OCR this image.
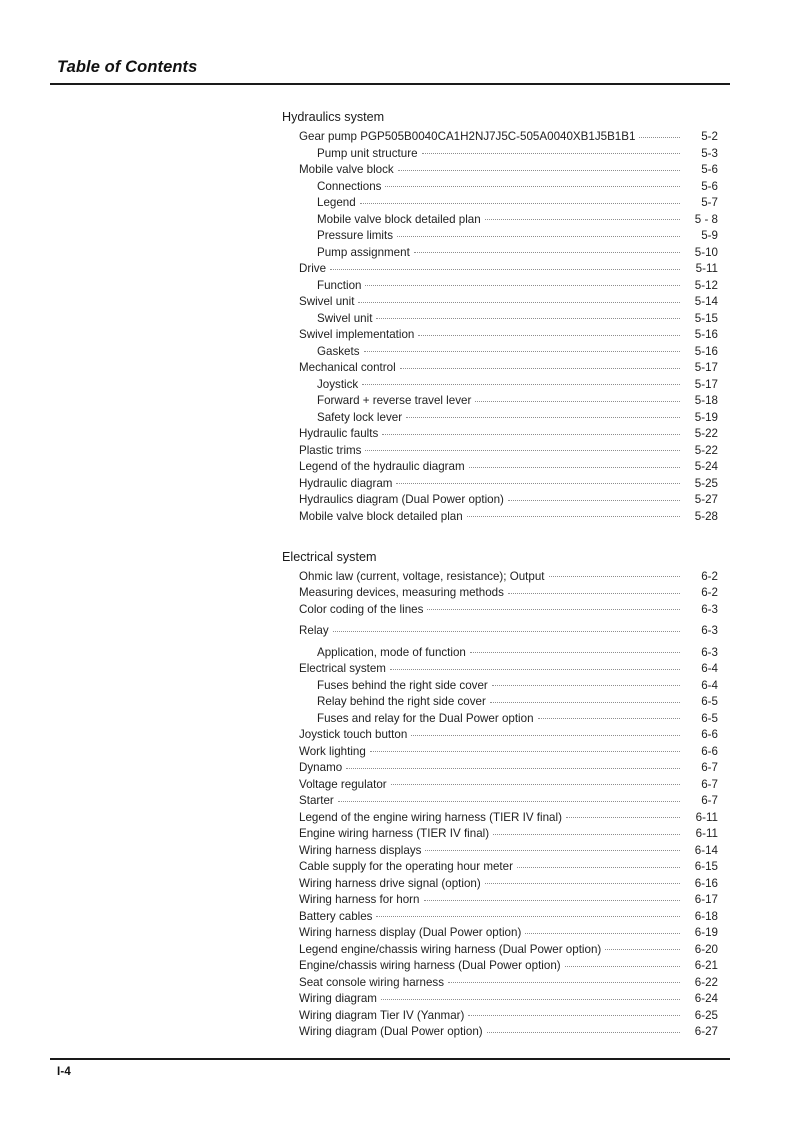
Table of Contents
Hydraulics system
Gear pump PGP505B0040CA1H2NJ7J5C-505A0040XB1J5B1B1	5-2
Pump unit structure	5-3
Mobile valve block	5-6
Connections	5-6
Legend	5-7
Mobile valve block detailed plan	5 - 8
Pressure limits	5-9
Pump assignment	5-10
Drive	5-11
Function	5-12
Swivel unit	5-14
Swivel unit	5-15
Swivel implementation	5-16
Gaskets	5-16
Mechanical control	5-17
Joystick	5-17
Forward + reverse travel lever	5-18
Safety lock lever	5-19
Hydraulic faults	5-22
Plastic trims	5-22
Legend of the hydraulic diagram	5-24
Hydraulic diagram	5-25
Hydraulics diagram (Dual Power option)	5-27
Mobile valve block detailed plan	5-28
Electrical system
Ohmic law (current, voltage, resistance); Output	6-2
Measuring devices, measuring methods	6-2
Color coding of the lines	6-3
Relay	6-3
Application, mode of function	6-3
Electrical system	6-4
Fuses behind the right side cover	6-4
Relay behind the right side cover	6-5
Fuses and relay for the Dual Power option	6-5
Joystick touch button	6-6
Work lighting	6-6
Dynamo	6-7
Voltage regulator	6-7
Starter	6-7
Legend of the engine wiring harness (TIER IV final)	6-11
Engine wiring harness (TIER IV final)	6-11
Wiring harness displays	6-14
Cable supply for the operating hour meter	6-15
Wiring harness drive signal (option)	6-16
Wiring harness for horn	6-17
Battery cables	6-18
Wiring harness display (Dual Power option)	6-19
Legend engine/chassis wiring harness (Dual Power option)	6-20
Engine/chassis wiring harness (Dual Power option)	6-21
Seat console wiring harness	6-22
Wiring diagram	6-24
Wiring diagram Tier IV (Yanmar)	6-25
Wiring diagram (Dual Power option)	6-27
I-4
